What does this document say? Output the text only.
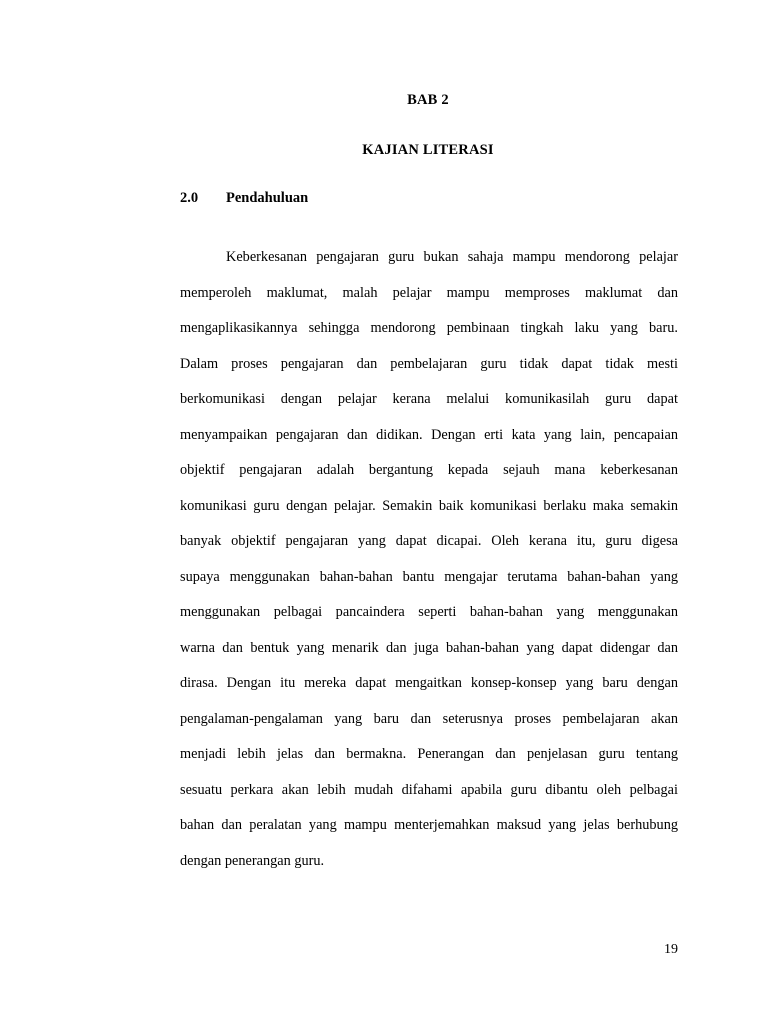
BAB 2
KAJIAN LITERASI
2.0 Pendahuluan
Keberkesanan pengajaran guru bukan sahaja mampu mendorong pelajar
memperoleh maklumat, malah pelajar mampu memproses maklumat dan
mengaplikasikannya sehingga mendorong pembinaan tingkah laku yang baru.
Dalam proses pengajaran dan pembelajaran guru tidak dapat tidak mesti
berkomunikasi dengan pelajar kerana melalui komunikasilah guru dapat
menyampaikan pengajaran dan didikan. Dengan erti kata yang lain, pencapaian
objektif pengajaran adalah bergantung kepada sejauh mana keberkesanan
komunikasi guru dengan pelajar. Semakin baik komunikasi berlaku maka semakin
banyak objektif pengajaran yang dapat dicapai. Oleh kerana itu, guru digesa
supaya menggunakan bahan-bahan bantu mengajar terutama bahan-bahan yang
menggunakan pelbagai pancaindera seperti bahan-bahan yang menggunakan
warna dan bentuk yang menarik dan juga bahan-bahan yang dapat didengar dan
dirasa. Dengan itu mereka dapat mengaitkan konsep-konsep yang baru dengan
pengalaman-pengalaman yang baru dan seterusnya proses pembelajaran akan
menjadi lebih jelas dan bermakna. Penerangan dan penjelasan guru tentang
sesuatu perkara akan lebih mudah difahami apabila guru dibantu oleh pelbagai
bahan dan peralatan yang mampu menterjemahkan maksud yang jelas berhubung
dengan penerangan guru.
19
